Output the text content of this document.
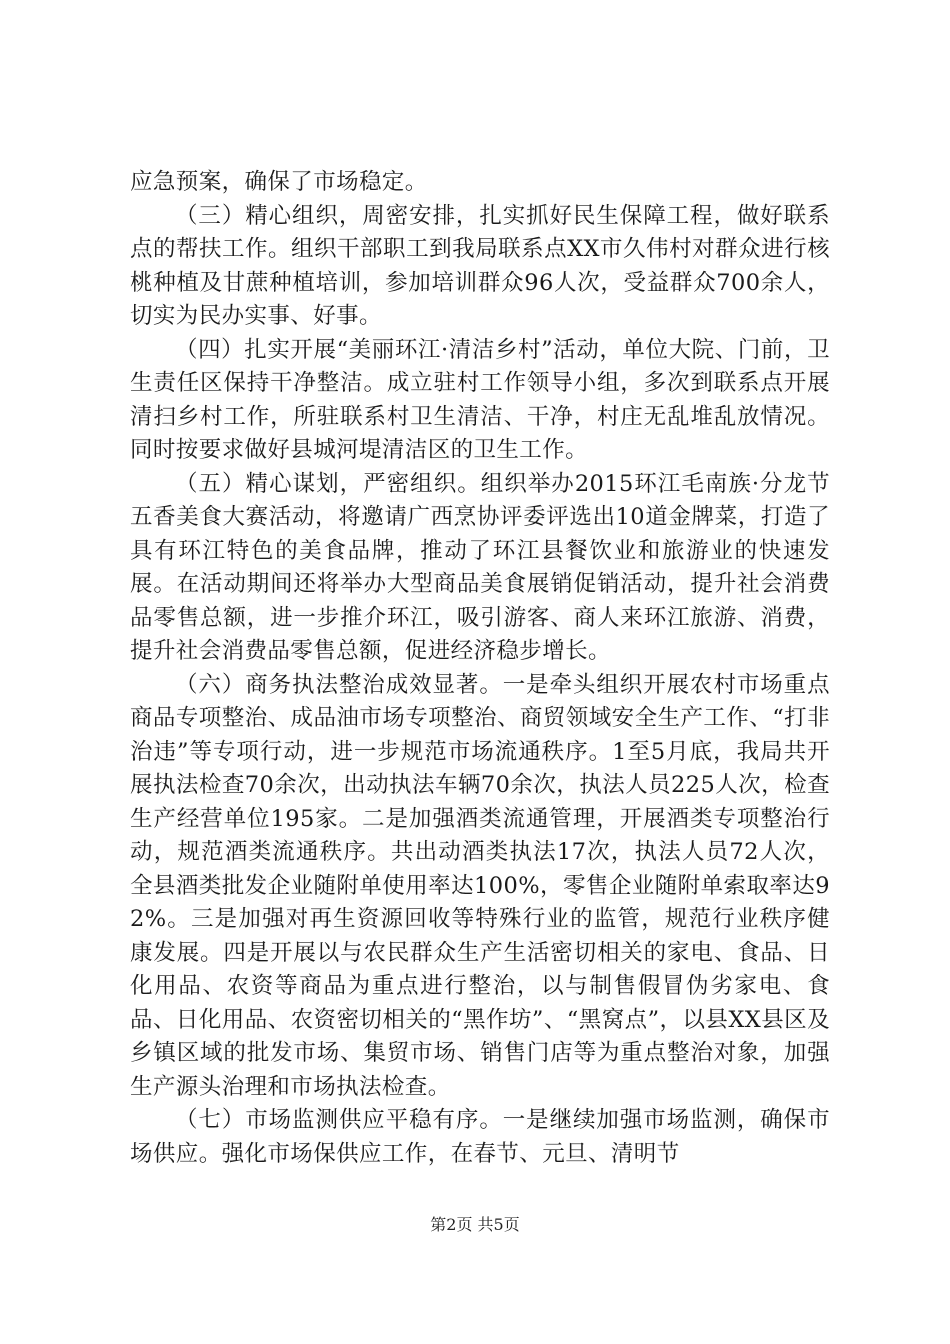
应急预案，确保了市场稳定。

（三）精心组织，周密安排，扎实抓好民生保障工程，做好联系点的帮扶工作。组织干部职工到我局联系点XX市久伟村对群众进行核桃种植及甘蔗种植培训，参加培训群众96人次，受益群众700余人，切实为民办实事、好事。

（四）扎实开展“美丽环江·清洁乡村”活动，单位大院、门前，卫生责任区保持干净整洁。成立驻村工作领导小组，多次到联系点开展清扫乡村工作，所驻联系村卫生清洁、干净，村庄无乱堆乱放情况。同时按要求做好县城河堤清洁区的卫生工作。

（五）精心谋划，严密组织。组织举办2015环江毛南族·分龙节五香美食大赛活动，将邀请广西烹协评委评选出10道金牌菜，打造了具有环江特色的美食品牌，推动了环江县餐饮业和旅游业的快速发展。在活动期间还将举办大型商品美食展销促销活动，提升社会消费品零售总额，进一步推介环江，吸引游客、商人来环江旅游、消费，提升社会消费品零售总额，促进经济稳步增长。

（六）商务执法整治成效显著。一是牵头组织开展农村市场重点商品专项整治、成品油市场专项整治、商贸领域安全生产工作、“打非治违”等专项行动，进一步规范市场流通秩序。1至5月底，我局共开展执法检查70余次，出动执法车辆70余次，执法人员225人次，检查生产经营单位195家。二是加强酒类流通管理，开展酒类专项整治行动，规范酒类流通秩序。共出动酒类执法17次，执法人员72人次，全县酒类批发企业随附单使用率达100%，零售企业随附单索取率达92%。三是加强对再生资源回收等特殊行业的监管，规范行业秩序健康发展。四是开展以与农民群众生产生活密切相关的家电、食品、日化用品、农资等商品为重点进行整治，以与制售假冒伪劣家电、食品、日化用品、农资密切相关的“黑作坊”、“黑窝点”，以县XX县区及乡镇区域的批发市场、集贸市场、销售门店等为重点整治对象，加强生产源头治理和市场执法检查。

（七）市场监测供应平稳有序。一是继续加强市场监测，确保市场供应。强化市场保供应工作，在春节、元旦、清明节

第2页 共5页
